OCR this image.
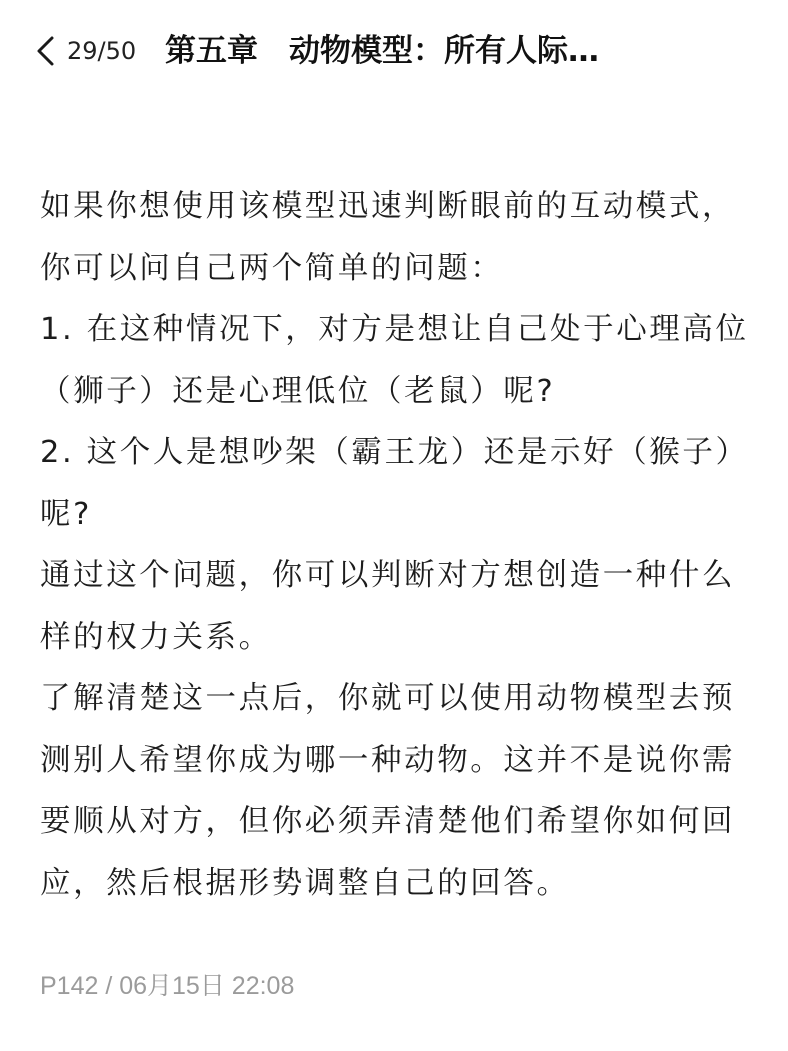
29/50 第五章　动物模型：所有人际…

如果你想使用该模型迅速判断眼前的互动模式，你可以问自己两个简单的问题：

1. 在这种情况下，对方是想让自己处于心理高位（狮子）还是心理低位（老鼠）呢?

2. 这个人是想吵架（霸王龙）还是示好（猴子）呢?

通过这个问题，你可以判断对方想创造一种什么样的权力关系。

了解清楚这一点后，你就可以使用动物模型去预测别人希望你成为哪一种动物。这并不是说你需要顺从对方，但你必须弄清楚他们希望你如何回应，然后根据形势调整自己的回答。

P142 / 06月15日 22:08
